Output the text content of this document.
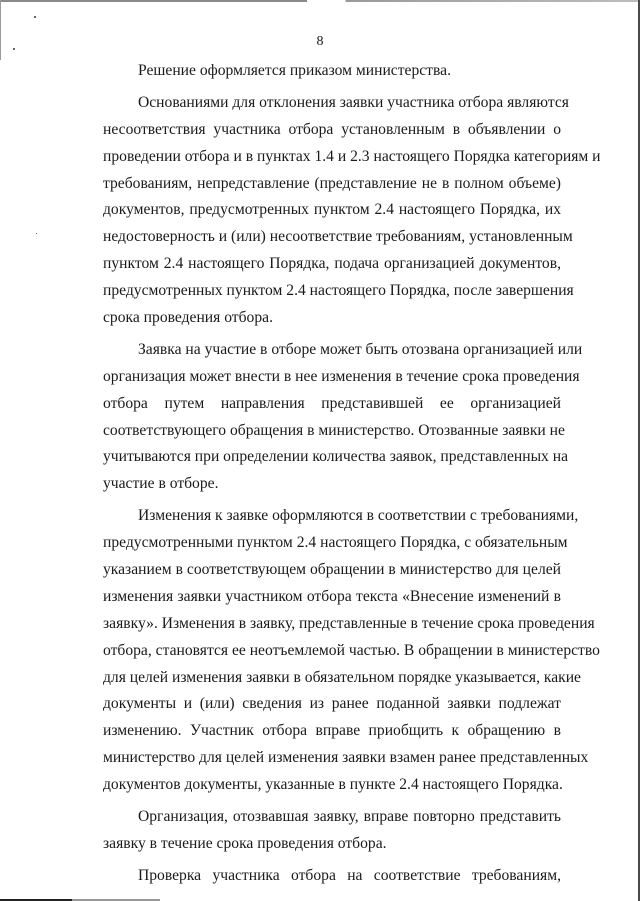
8
Решение оформляется приказом министерства.
Основаниями для отклонения заявки участника отбора являются
несоответствия участника отбора установленным в объявлении о
проведении отбора и в пунктах 1.4 и 2.3 настоящего Порядка категориям и
требованиям, непредставление (представление не в полном объеме)
документов, предусмотренных пунктом 2.4 настоящего Порядка, их
недостоверность и (или) несоответствие требованиям, установленным
пунктом 2.4 настоящего Порядка, подача организацией документов,
предусмотренных пунктом 2.4 настоящего Порядка, после завершения
срока проведения отбора.
Заявка на участие в отборе может быть отозвана организацией или
организация может внести в нее изменения в течение срока проведения
отбора путем направления представившей ее организацией
соответствующего обращения в министерство. Отозванные заявки не
учитываются при определении количества заявок, представленных на
участие в отборе.
Изменения к заявке оформляются в соответствии с требованиями,
предусмотренными пунктом 2.4 настоящего Порядка, с обязательным
указанием в соответствующем обращении в министерство для целей
изменения заявки участником отбора текста «Внесение изменений в
заявку». Изменения в заявку, представленные в течение срока проведения
отбора, становятся ее неотъемлемой частью. В обращении в министерство
для целей изменения заявки в обязательном порядке указывается, какие
документы и (или) сведения из ранее поданной заявки подлежат
изменению. Участник отбора вправе приобщить к обращению в
министерство для целей изменения заявки взамен ранее представленных
документов документы, указанные в пункте 2.4 настоящего Порядка.
Организация, отозвавшая заявку, вправе повторно представить
заявку в течение срока проведения отбора.
Проверка участника отбора на соответствие требованиям,
